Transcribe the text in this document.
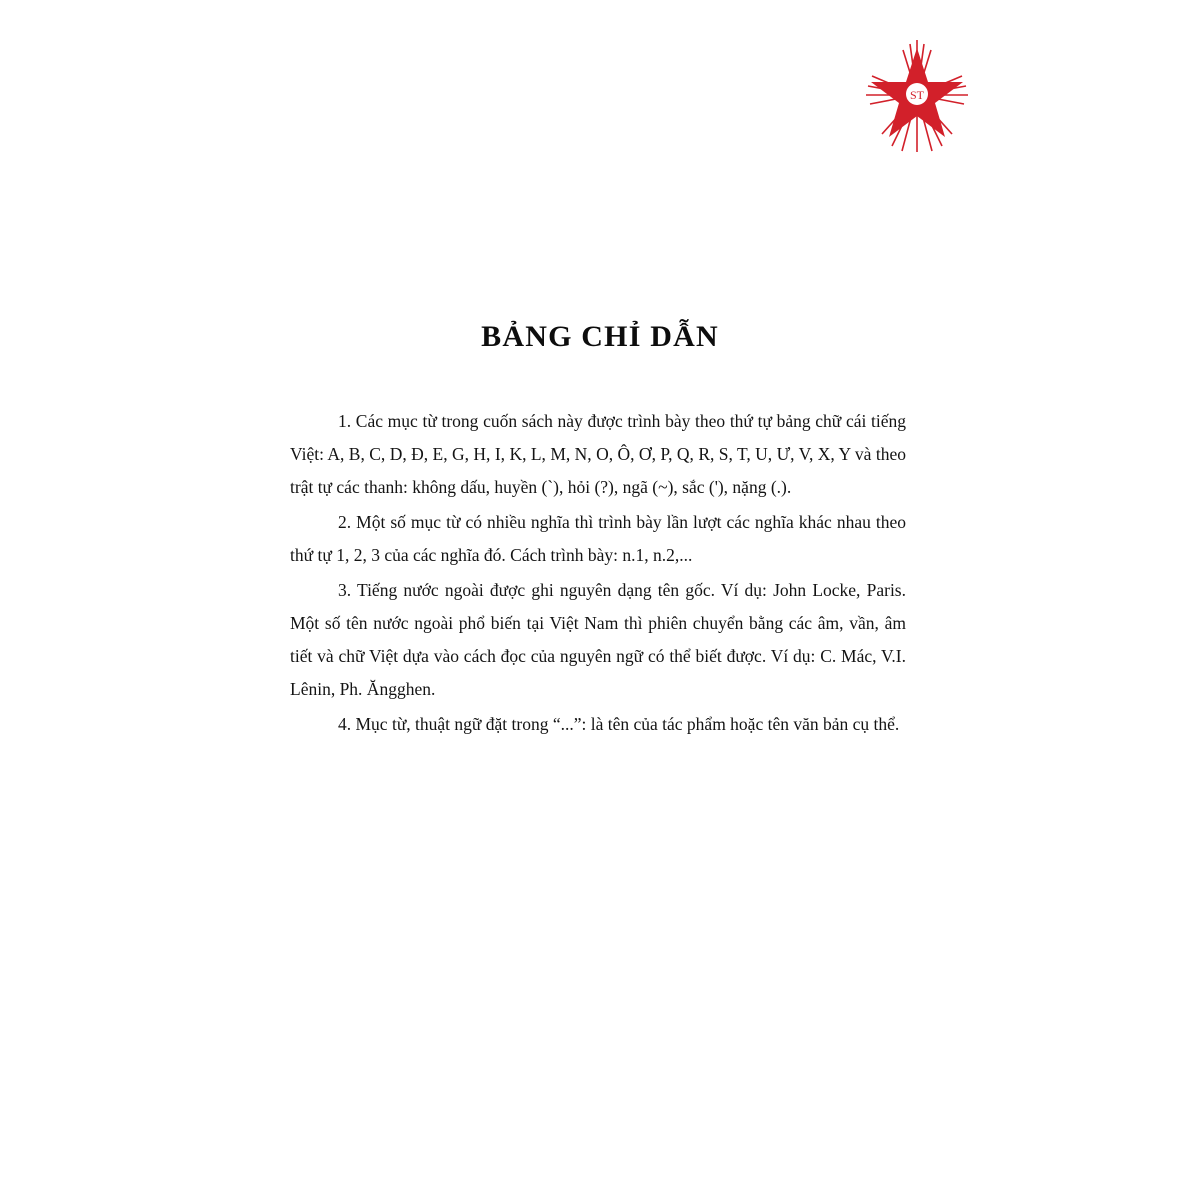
ST
BẢNG CHỈ DẪN

1. Các mục từ trong cuốn sách này được trình bày theo thứ tự bảng chữ cái tiếng Việt: A, B, C, D, Đ, E, G, H, I, K, L, M, N, O, Ô, Ơ, P, Q, R, S, T, U, Ư, V, X, Y và theo trật tự các thanh: không dấu, huyền (`), hỏi (?), ngã (~), sắc ('), nặng (.).

2. Một số mục từ có nhiều nghĩa thì trình bày lần lượt các nghĩa khác nhau theo thứ tự 1, 2, 3 của các nghĩa đó. Cách trình bày: n.1, n.2,...

3. Tiếng nước ngoài được ghi nguyên dạng tên gốc. Ví dụ: John Locke, Paris. Một số tên nước ngoài phổ biến tại Việt Nam thì phiên chuyển bằng các âm, vần, âm tiết và chữ Việt dựa vào cách đọc của nguyên ngữ có thể biết được. Ví dụ: C. Mác, V.I. Lênin, Ph. Ăngghen.

4. Mục từ, thuật ngữ đặt trong “...”: là tên của tác phẩm hoặc tên văn bản cụ thể.
